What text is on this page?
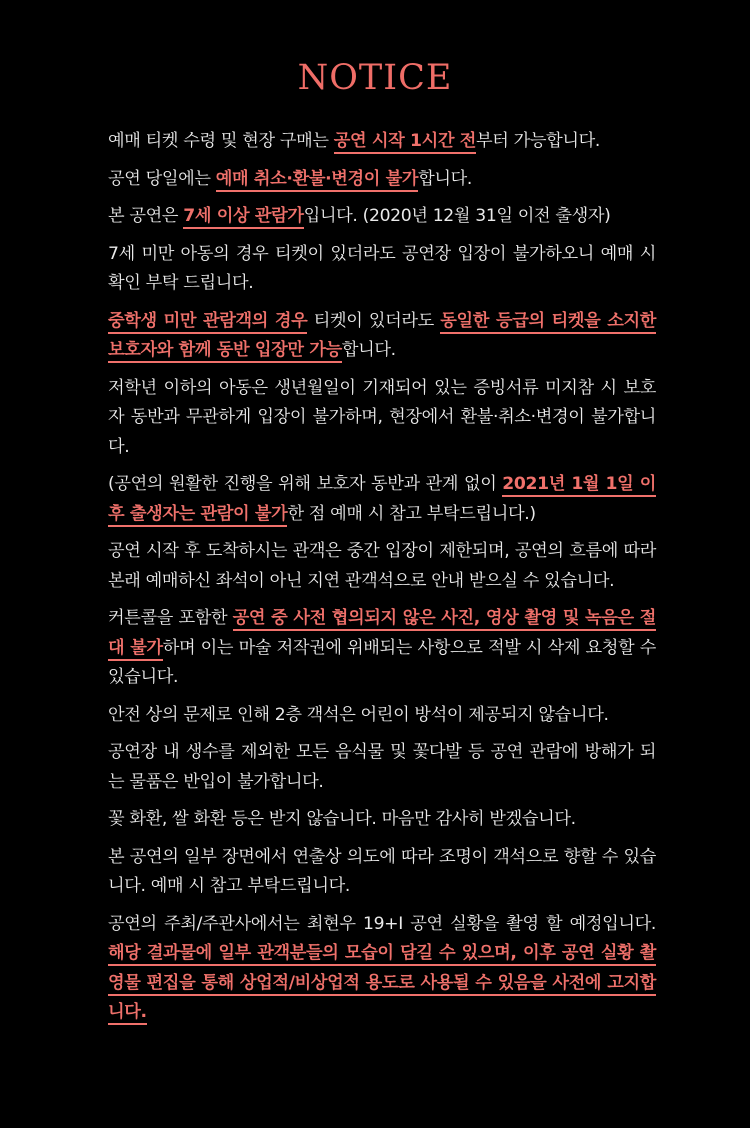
NOTICE

예매 티켓 수령 및 현장 구매는 공연 시작 1시간 전부터 가능합니다.

공연 당일에는 예매 취소·환불·변경이 불가합니다.

본 공연은 7세 이상 관람가입니다. (2020년 12월 31일 이전 출생자)

7세 미만 아동의 경우 티켓이 있더라도 공연장 입장이 불가하오니 예매 시 확인 부탁 드립니다.

중학생 미만 관람객의 경우 티켓이 있더라도 동일한 등급의 티켓을 소지한 보호자와 함께 동반 입장만 가능합니다.

저학년 이하의 아동은 생년월일이 기재되어 있는 증빙서류 미지참 시 보호자 동반과 무관하게 입장이 불가하며, 현장에서 환불·취소·변경이 불가합니다.

(공연의 원활한 진행을 위해 보호자 동반과 관계 없이 2021년 1월 1일 이후 출생자는 관람이 불가한 점 예매 시 참고 부탁드립니다.)

공연 시작 후 도착하시는 관객은 중간 입장이 제한되며, 공연의 흐름에 따라 본래 예매하신 좌석이 아닌 지연 관객석으로 안내 받으실 수 있습니다.

커튼콜을 포함한 공연 중 사전 협의되지 않은 사진, 영상 촬영 및 녹음은 절대 불가하며 이는 마술 저작권에 위배되는 사항으로 적발 시 삭제 요청할 수 있습니다.

안전 상의 문제로 인해 2층 객석은 어린이 방석이 제공되지 않습니다.

공연장 내 생수를 제외한 모든 음식물 및 꽃다발 등 공연 관람에 방해가 되는 물품은 반입이 불가합니다.

꽃 화환, 쌀 화환 등은 받지 않습니다. 마음만 감사히 받겠습니다.

본 공연의 일부 장면에서 연출상 의도에 따라 조명이 객석으로 향할 수 있습니다. 예매 시 참고 부탁드립니다.

공연의 주최/주관사에서는 최현우 19+I 공연 실황을 촬영 할 예정입니다. 해당 결과물에 일부 관객분들의 모습이 담길 수 있으며, 이후 공연 실황 촬영물 편집을 통해 상업적/비상업적 용도로 사용될 수 있음을 사전에 고지합니다.
